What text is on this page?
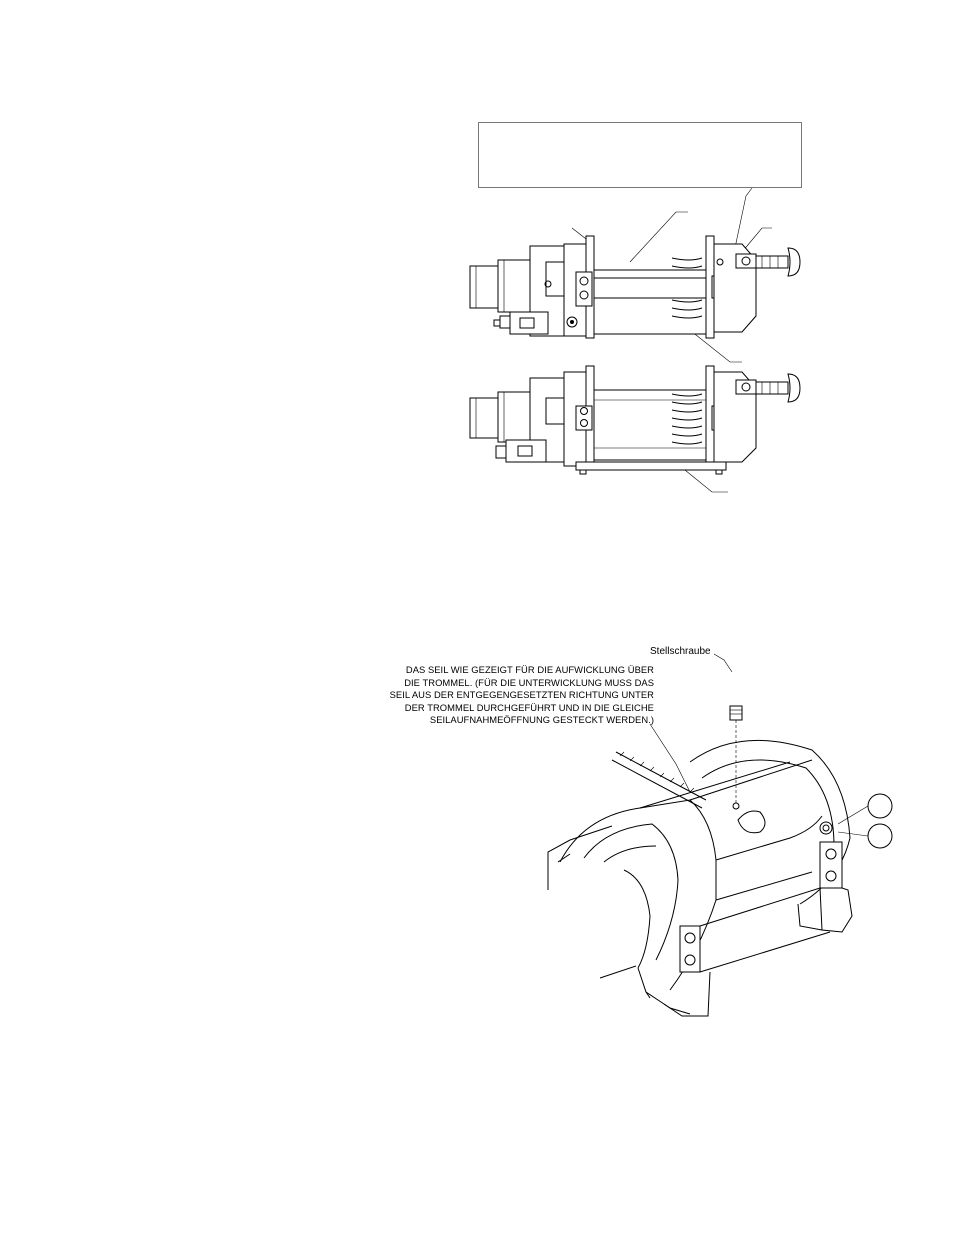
Stellschraube
DAS SEIL WIE GEZEIGT FÜR DIE AUFWICKLUNG ÜBER
DIE TROMMEL. (FÜR DIE UNTERWICKLUNG MUSS DAS
SEIL AUS DER ENTGEGENGESETZTEN RICHTUNG UNTER
DER TROMMEL DURCHGEFÜHRT UND IN DIE GLEICHE
SEILAUFNAHMEÖFFNUNG GESTECKT WERDEN.)
